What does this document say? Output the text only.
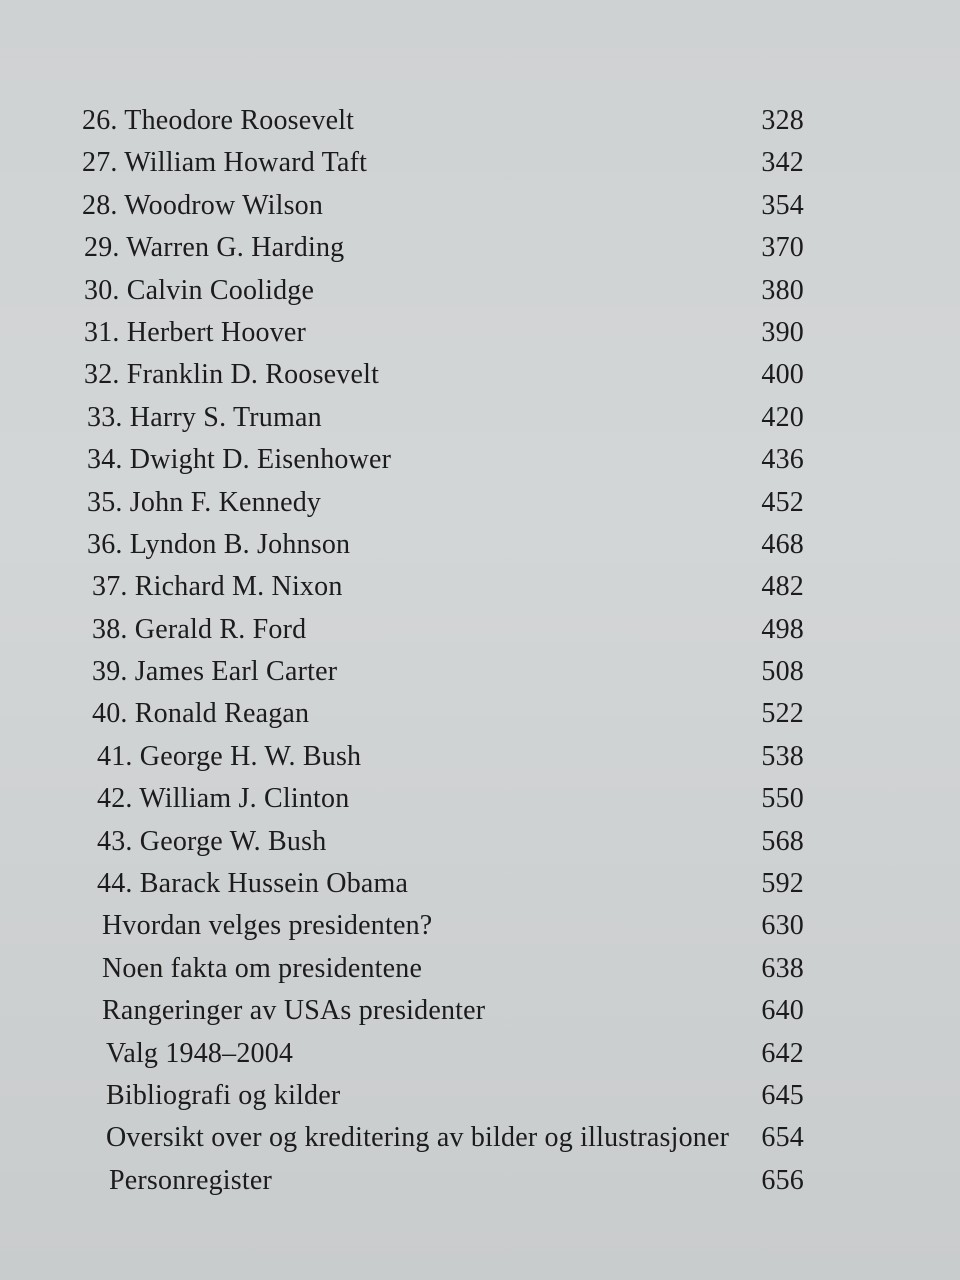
26. Theodore Roosevelt	328
27. William Howard Taft	342
28. Woodrow Wilson	354
29. Warren G. Harding	370
30. Calvin Coolidge	380
31. Herbert Hoover	390
32. Franklin D. Roosevelt	400
33. Harry S. Truman	420
34. Dwight D. Eisenhower	436
35. John F. Kennedy	452
36. Lyndon B. Johnson	468
37. Richard M. Nixon	482
38. Gerald R. Ford	498
39. James Earl Carter	508
40. Ronald Reagan	522
41. George H. W. Bush	538
42. William J. Clinton	550
43. George W. Bush	568
44. Barack Hussein Obama	592
Hvordan velges presidenten?	630
Noen fakta om presidentene	638
Rangeringer av USAs presidenter	640
Valg 1948–2004	642
Bibliografi og kilder	645
Oversikt over og kreditering av bilder og illustrasjoner	654
Personregister	656
